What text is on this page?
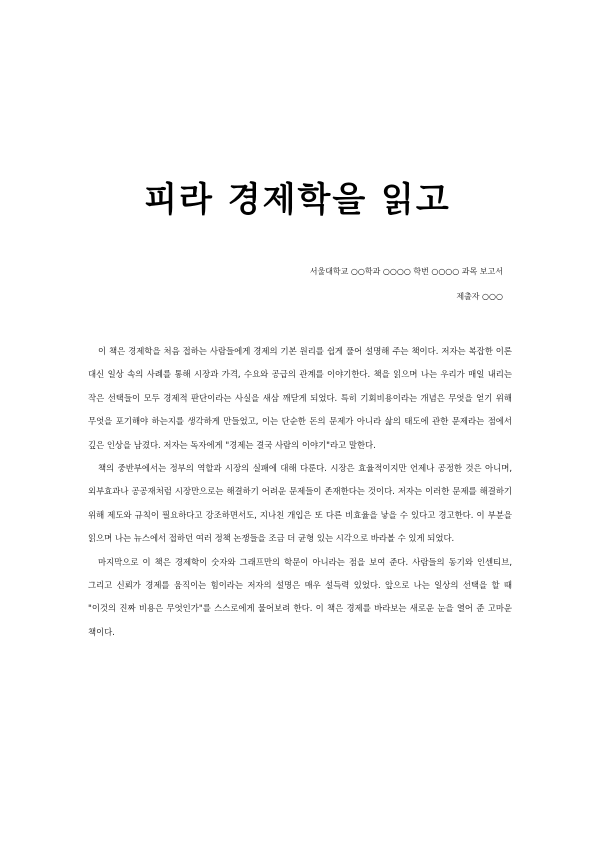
피라 경제학을 읽고
서울대학교 ○○학과 ○○○○ 학번 ○○○○ 과목 보고서
제출자 ○○○

이 책은 경제학을 처음 접하는 사람들에게 경제의 기본 원리를 쉽게 풀어 설명해 주는 책이다. 저자는 복잡한 이론 대신 일상 속의 사례를 통해 시장과 가격, 수요와 공급의 관계를 이야기한다. 책을 읽으며 나는 우리가 매일 내리는 작은 선택들이 모두 경제적 판단이라는 사실을 새삼 깨닫게 되었다. 특히 기회비용이라는 개념은 무엇을 얻기 위해 무엇을 포기해야 하는지를 생각하게 만들었고, 이는 단순한 돈의 문제가 아니라 삶의 태도에 관한 문제라는 점에서 깊은 인상을 남겼다. 저자는 독자에게 "경제는 결국 사람의 이야기"라고 말한다.

책의 중반부에서는 정부의 역할과 시장의 실패에 대해 다룬다. 시장은 효율적이지만 언제나 공정한 것은 아니며, 외부효과나 공공재처럼 시장만으로는 해결하기 어려운 문제들이 존재한다는 것이다. 저자는 이러한 문제를 해결하기 위해 제도와 규칙이 필요하다고 강조하면서도, 지나친 개입은 또 다른 비효율을 낳을 수 있다고 경고한다. 이 부분을 읽으며 나는 뉴스에서 접하던 여러 정책 논쟁들을 조금 더 균형 있는 시각으로 바라볼 수 있게 되었다.

마지막으로 이 책은 경제학이 숫자와 그래프만의 학문이 아니라는 점을 보여 준다. 사람들의 동기와 인센티브, 그리고 신뢰가 경제를 움직이는 힘이라는 저자의 설명은 매우 설득력 있었다. 앞으로 나는 일상의 선택을 할 때 "이것의 진짜 비용은 무엇인가"를 스스로에게 물어보려 한다. 이 책은 경제를 바라보는 새로운 눈을 열어 준 고마운 책이다.
